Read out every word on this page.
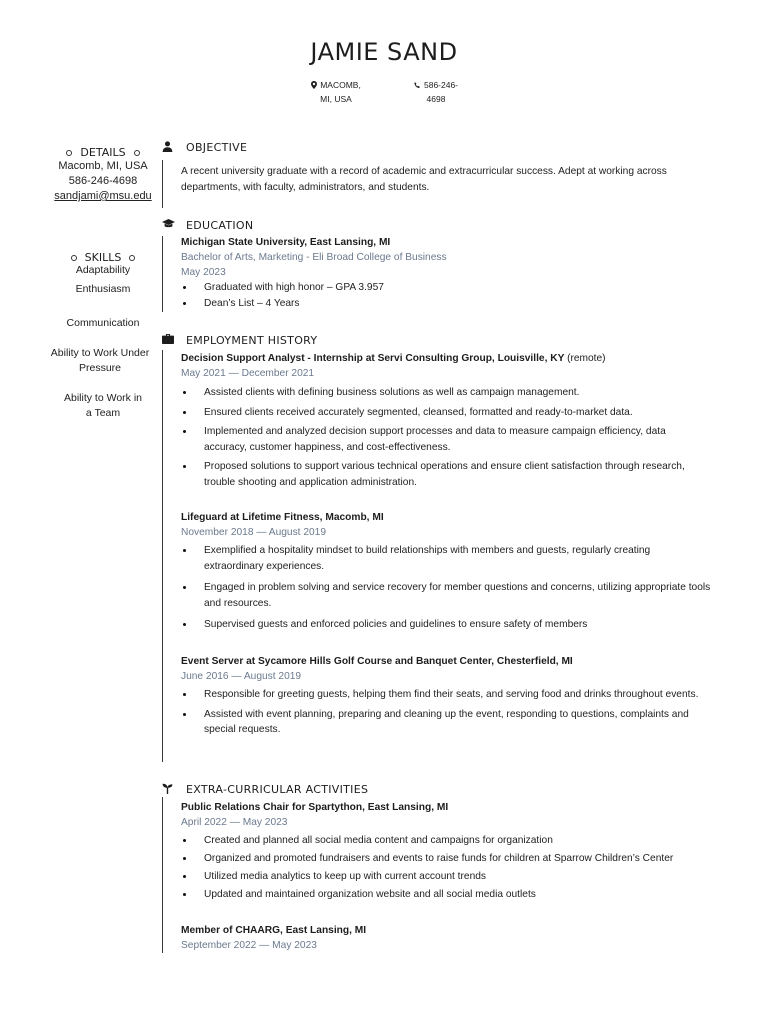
JAMIE SAND
MACOMB, MI, USA
586-246-4698
DETAILS
Macomb, MI, USA
586-246-4698
sandjami@msu.edu
SKILLS
Adaptability
Enthusiasm
Communication
Ability to Work Under Pressure
Ability to Work in a Team
OBJECTIVE
A recent university graduate with a record of academic and extracurricular success. Adept at working across departments, with faculty, administrators, and students.
EDUCATION
Michigan State University, East Lansing, MI
Bachelor of Arts, Marketing - Eli Broad College of Business
May 2023
Graduated with high honor – GPA 3.957
Dean’s List – 4 Years
EMPLOYMENT HISTORY
Decision Support Analyst - Internship at Servi Consulting Group, Louisville, KY (remote)
May 2021 — December 2021
Assisted clients with defining business solutions as well as campaign management.
Ensured clients received accurately segmented, cleansed, formatted and ready-to-market data.
Implemented and analyzed decision support processes and data to measure campaign efficiency, data accuracy, customer happiness, and cost-effectiveness.
Proposed solutions to support various technical operations and ensure client satisfaction through research, trouble shooting and application administration.
Lifeguard at Lifetime Fitness, Macomb, MI
November 2018 — August 2019
Exemplified a hospitality mindset to build relationships with members and guests, regularly creating extraordinary experiences.
Engaged in problem solving and service recovery for member questions and concerns, utilizing appropriate tools and resources.
Supervised guests and enforced policies and guidelines to ensure safety of members
Event Server at Sycamore Hills Golf Course and Banquet Center, Chesterfield, MI
June 2016 — August 2019
Responsible for greeting guests, helping them find their seats, and serving food and drinks throughout events.
Assisted with event planning, preparing and cleaning up the event, responding to questions, complaints and special requests.
EXTRA-CURRICULAR ACTIVITIES
Public Relations Chair for Spartython, East Lansing, MI
April 2022 — May 2023
Created and planned all social media content and campaigns for organization
Organized and promoted fundraisers and events to raise funds for children at Sparrow Children’s Center
Utilized media analytics to keep up with current account trends
Updated and maintained organization website and all social media outlets
Member of CHAARG, East Lansing, MI
September 2022 — May 2023
